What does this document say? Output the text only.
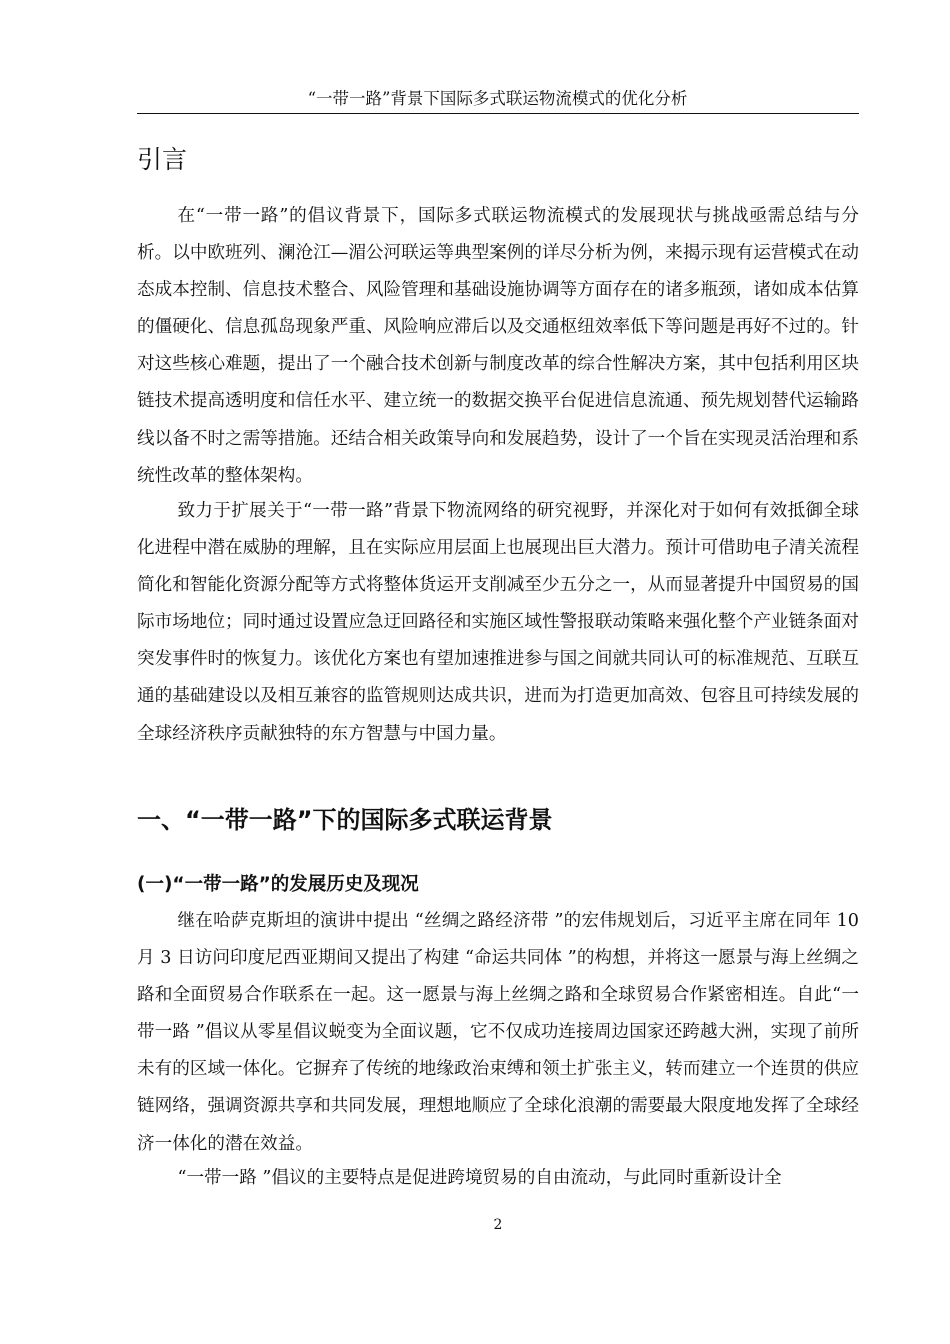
“一带一路”背景下国际多式联运物流模式的优化分析
引言

在“一带一路”的倡议背景下，国际多式联运物流模式的发展现状与挑战亟需总结与分析。以中欧班列、澜沧江—湄公河联运等典型案例的详尽分析为例，来揭示现有运营模式在动态成本控制、信息技术整合、风险管理和基础设施协调等方面存在的诸多瓶颈，诸如成本估算的僵硬化、信息孤岛现象严重、风险响应滞后以及交通枢纽效率低下等问题是再好不过的。针对这些核心难题，提出了一个融合技术创新与制度改革的综合性解决方案，其中包括利用区块链技术提高透明度和信任水平、建立统一的数据交换平台促进信息流通、预先规划替代运输路线以备不时之需等措施。还结合相关政策导向和发展趋势，设计了一个旨在实现灵活治理和系统性改革的整体架构。

致力于扩展关于“一带一路”背景下物流网络的研究视野，并深化对于如何有效抵御全球化进程中潜在威胁的理解，且在实际应用层面上也展现出巨大潜力。预计可借助电子清关流程简化和智能化资源分配等方式将整体货运开支削减至少五分之一，从而显著提升中国贸易的国际市场地位；同时通过设置应急迂回路径和实施区域性警报联动策略来强化整个产业链条面对突发事件时的恢复力。该优化方案也有望加速推进参与国之间就共同认可的标准规范、互联互通的基础建设以及相互兼容的监管规则达成共识，进而为打造更加高效、包容且可持续发展的全球经济秩序贡献独特的东方智慧与中国力量。

一、“一带一路”下的国际多式联运背景
(一)“一带一路”的发展历史及现况

继在哈萨克斯坦的演讲中提出 “丝绸之路经济带 ”的宏伟规划后，习近平主席在同年 10 月 3 日访问印度尼西亚期间又提出了构建 “命运共同体 ”的构想，并将这一愿景与海上丝绸之路和全面贸易合作联系在一起。这一愿景与海上丝绸之路和全球贸易合作紧密相连。自此“一带一路 ”倡议从零星倡议蜕变为全面议题，它不仅成功连接周边国家还跨越大洲，实现了前所未有的区域一体化。它摒弃了传统的地缘政治束缚和领土扩张主义，转而建立一个连贯的供应链网络，强调资源共享和共同发展，理想地顺应了全球化浪潮的需要最大限度地发挥了全球经济一体化的潜在效益。

“一带一路 ”倡议的主要特点是促进跨境贸易的自由流动，与此同时重新设计全

2
